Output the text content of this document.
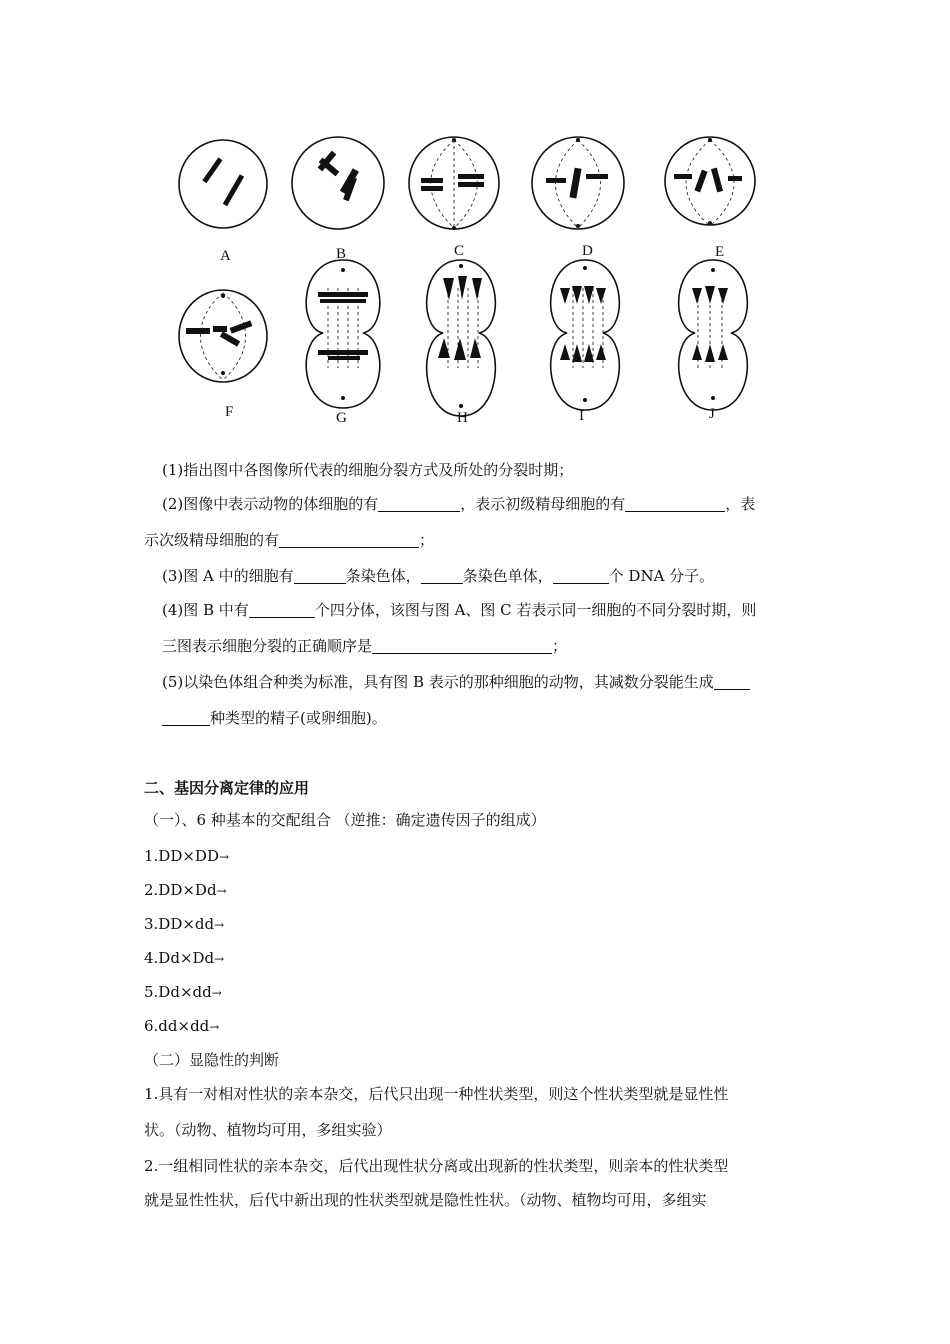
A	B	C	D	E
F	G	H	I	J
(1)指出图中各图像所代表的细胞分裂方式及所处的分裂时期；
(2)图像中表示动物的体细胞的有	，表示初级精母细胞的有	，表
示次级精母细胞的有	；
(3)图 A 中的细胞有	条染色体，	条染色单体，	个 DNA 分子。
(4)图 B 中有	个四分体，该图与图 A、图 C 若表示同一细胞的不同分裂时期，则
三图表示细胞分裂的正确顺序是	；
(5)以染色体组合种类为标准，具有图 B 表示的那种细胞的动物，其减数分裂能生成
种类型的精子(或卵细胞)。
二、基因分离定律的应用
（一）、6 种基本的交配组合 （逆推：确定遗传因子的组成）
1.DD×DD→
2.DD×Dd→
3.DD×dd→
4.Dd×Dd→
5.Dd×dd→
6.dd×dd→
（二）显隐性的判断
1.具有一对相对性状的亲本杂交，后代只出现一种性状类型，则这个性状类型就是显性性
状。（动物、植物均可用，多组实验）
2.一组相同性状的亲本杂交，后代出现性状分离或出现新的性状类型，则亲本的性状类型
就是显性性状，后代中新出现的性状类型就是隐性性状。（动物、植物均可用，多组实
